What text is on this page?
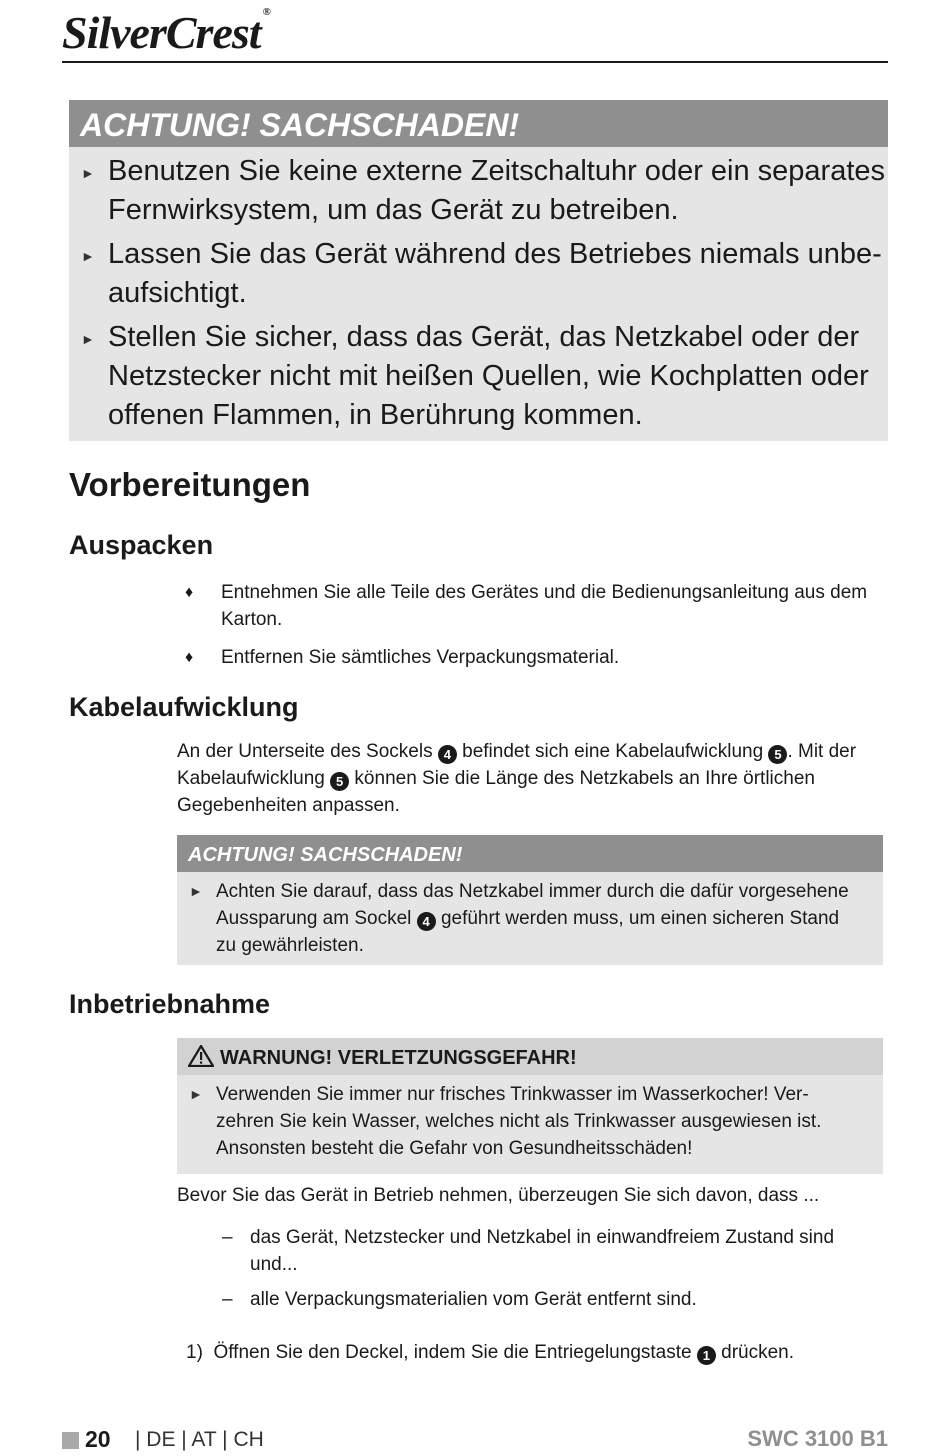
SilverCrest ®
ACHTUNG! SACHSCHADEN!
► Benutzen Sie keine externe Zeitschaltuhr oder ein separates Fernwirksystem, um das Gerät zu betreiben.
► Lassen Sie das Gerät während des Betriebes niemals unbe-aufsichtigt.
► Stellen Sie sicher, dass das Gerät, das Netzkabel oder der Netzstecker nicht mit heißen Quellen, wie Kochplatten oder offenen Flammen, in Berührung kommen.
Vorbereitungen
Auspacken
♦ Entnehmen Sie alle Teile des Gerätes und die Bedienungsanleitung aus dem Karton.
♦ Entfernen Sie sämtliches Verpackungsmaterial.
Kabelaufwicklung

An der Unterseite des Sockels 4 befindet sich eine Kabelaufwicklung 5 . Mit der Kabelaufwicklung 5 können Sie die Länge des Netzkabels an Ihre örtlichen Gegebenheiten anpassen.

ACHTUNG! SACHSCHADEN!
► Achten Sie darauf, dass das Netzkabel immer durch die dafür vorgesehene Aussparung am Sockel 4 geführt werden muss, um einen sicheren Stand zu gewährleisten.
Inbetriebnahme
WARNUNG! VERLETZUNGSGEFAHR!
► Verwenden Sie immer nur frisches Trinkwasser im Wasserkocher! Ver-zehren Sie kein Wasser, welches nicht als Trinkwasser ausgewiesen ist. Ansonsten besteht die Gefahr von Gesundheitsschäden!

Bevor Sie das Gerät in Betrieb nehmen, überzeugen Sie sich davon, dass ...

– das Gerät, Netzstecker und Netzkabel in einwandfreiem Zustand sind und...
– alle Verpackungsmaterialien vom Gerät entfernt sind.
1) Öffnen Sie den Deckel, indem Sie die Entriegelungstaste 1 drücken.
20 | DE | AT | CH	SWC 3100 B1
